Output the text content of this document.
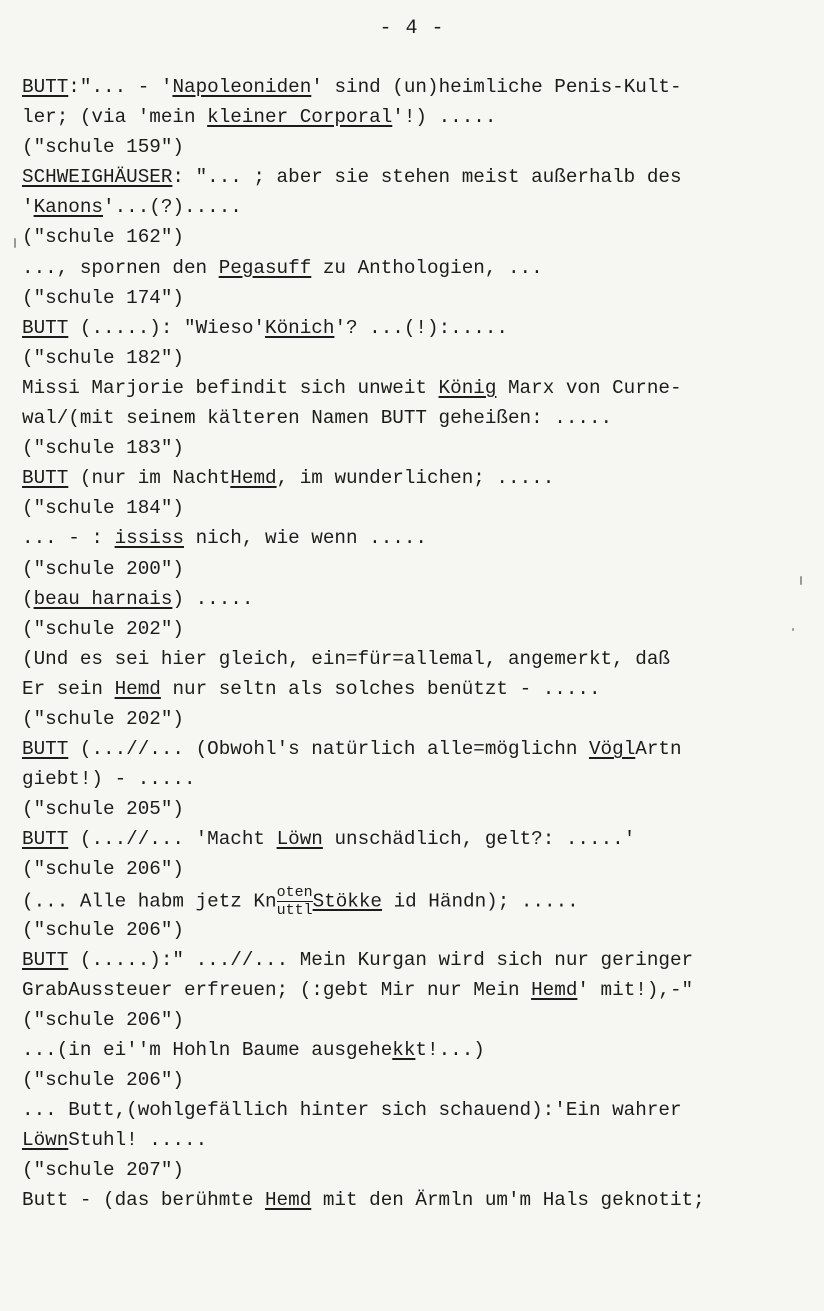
- 4 -
BUTT:"... - 'Napoleoniden' sind (un)heimliche Penis-Kult-
ler; (via 'mein kleiner Corporal'!) .....
("schule 159")
SCHWEIGHÄUSER: "... ; aber sie stehen meist außerhalb des
'Kanons'...(?).....
("schule 162")
..., spornen den Pegasuff zu Anthologien, ...
("schule 174")
BUTT (.....): "Wieso'Könich'? ...(!):.....
("schule 182")
Missi Marjorie befindit sich unweit König Marx von Curne-
wal/(mit seinem kälteren Namen BUTT geheißen: .....
("schule 183")
BUTT (nur im NachtHemd, im wunderlichen; .....
("schule 184")
... - : ississ nich, wie wenn .....
("schule 200")
(beau harnais) .....
("schule 202")
(Und es sei hier gleich, ein=für=allemal, angemerkt, daß
Er sein Hemd nur seltn als solches benützt - .....
("schule 202")
BUTT (...//... (Obwohl's natürlich alle=möglichn VöglArtn
giebt!) - .....
("schule 205")
BUTT (...//... 'Macht Löwn unschädlich, gelt?: .....'
("schule 206")
(... Alle habm jetz Kn $\frac{\text{oten}}{\text{uttl}}$ Stökke id Händn); .....
("schule 206")
BUTT (.....):" ...//... Mein Kurgan wird sich nur geringer
GrabAussteuer erfreuen; (:gebt Mir nur Mein Hemd' mit!),-"
("schule 206")
...(in ei''m Hohln Baume ausgehekkt!...)
("schule 206")
... Butt,(wohlgefällich hinter sich schauend):'Ein wahrer
LöwnStuhl! .....
("schule 207")
Butt - (das berühmte Hemd mit den Ärmln um'm Hals geknotit;
